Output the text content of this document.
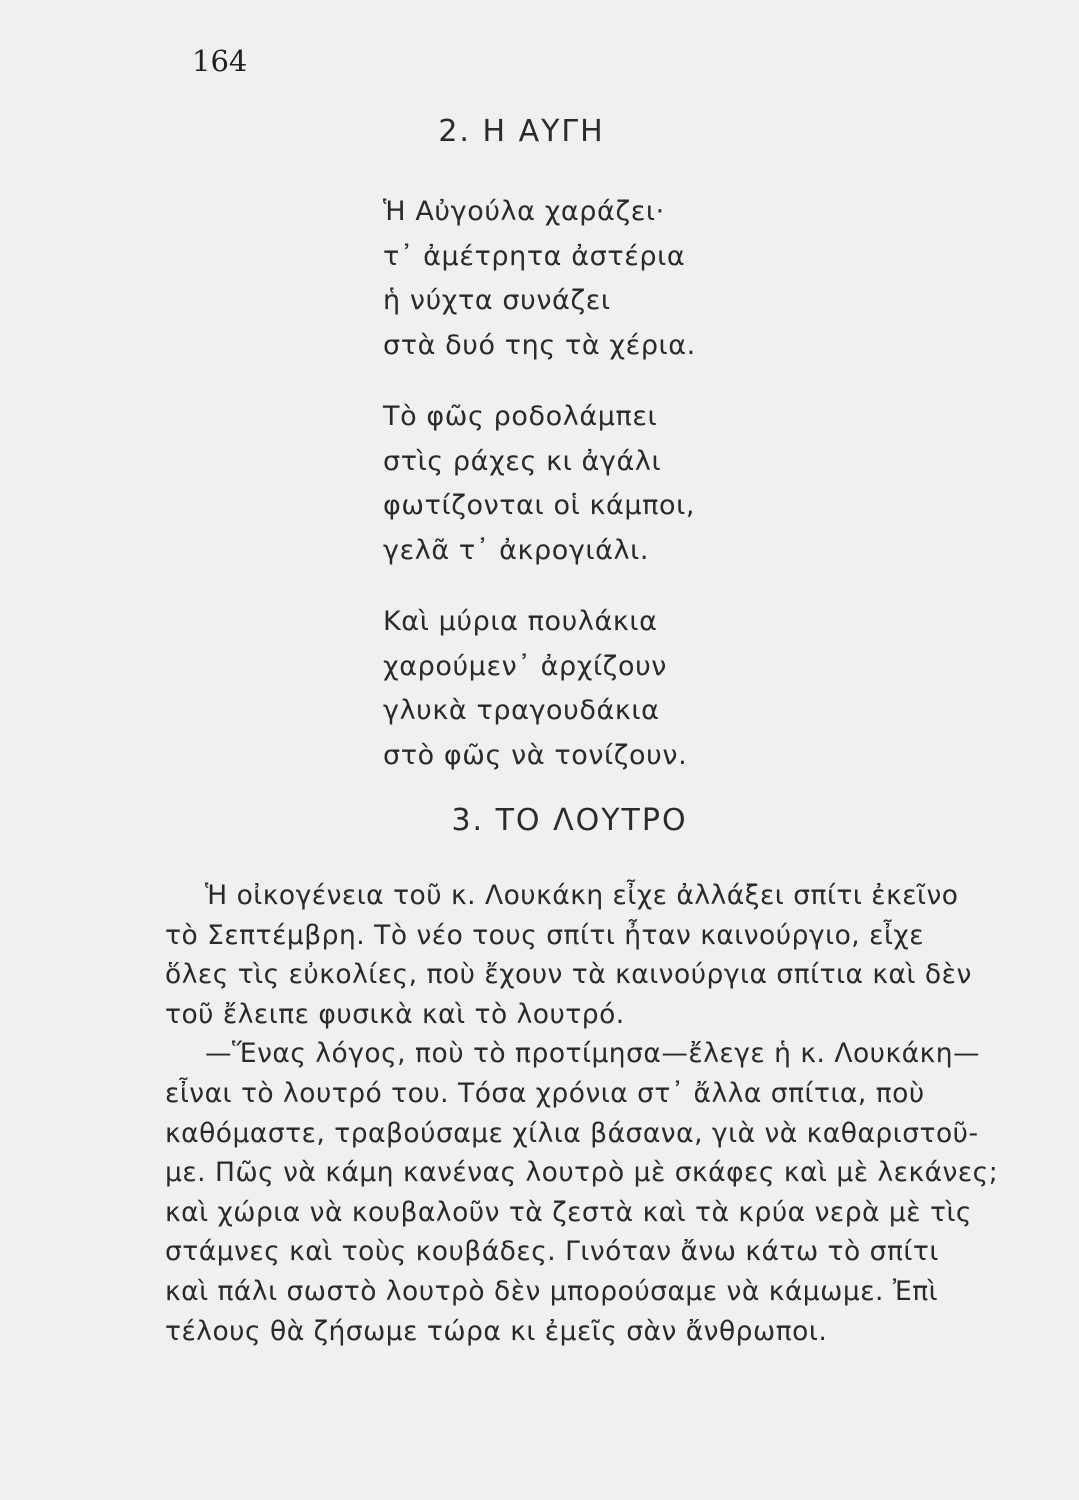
164
2. Η ΑΥΓΗ
Ἡ Αὐγούλα χαράζει·
τ᾽ ἀμέτρητα ἀστέρια
ἡ νύχτα συνάζει
στὰ δυό της τὰ χέρια.
Τὸ φῶς ροδολάμπει
στὶς ράχες κι ἀγάλι
φωτίζονται οἱ κάμποι,
γελᾶ τ᾽ ἀκρογιάλι.
Καὶ μύρια πουλάκια
χαρούμεν᾽ ἀρχίζουν
γλυκὰ τραγουδάκια
στὸ φῶς νὰ τονίζουν.
3. ΤΟ ΛΟΥΤΡΟ
Ἡ οἰκογένεια τοῦ κ. Λουκάκη εἶχε ἀλλάξει σπίτι ἐκεῖνο
τὸ Σεπτέμβρη. Τὸ νέο τους σπίτι ἦταν καινούργιο, εἶχε
ὅλες τὶς εὐκολίες, ποὺ ἔχουν τὰ καινούργια σπίτια καὶ δὲν
τοῦ ἔλειπε φυσικὰ καὶ τὸ λουτρό.
—Ἕνας λόγος, ποὺ τὸ προτίμησα—ἔλεγε ἡ κ. Λουκάκη—
εἶναι τὸ λουτρό του. Τόσα χρόνια στ᾽ ἄλλα σπίτια, ποὺ
καθόμαστε, τραβούσαμε χίλια βάσανα, γιὰ νὰ καθαριστοῦ-
με. Πῶς νὰ κάμη κανένας λουτρὸ μὲ σκάφες καὶ μὲ λεκάνες;
καὶ χώρια νὰ κουβαλοῦν τὰ ζεστὰ καὶ τὰ κρύα νερὰ μὲ τὶς
στάμνες καὶ τοὺς κουβάδες. Γινόταν ἄνω κάτω τὸ σπίτι
καὶ πάλι σωστὸ λουτρὸ δὲν μπορούσαμε νὰ κάμωμε. Ἐπὶ
τέλους θὰ ζήσωμε τώρα κι ἐμεῖς σὰν ἄνθρωποι.
